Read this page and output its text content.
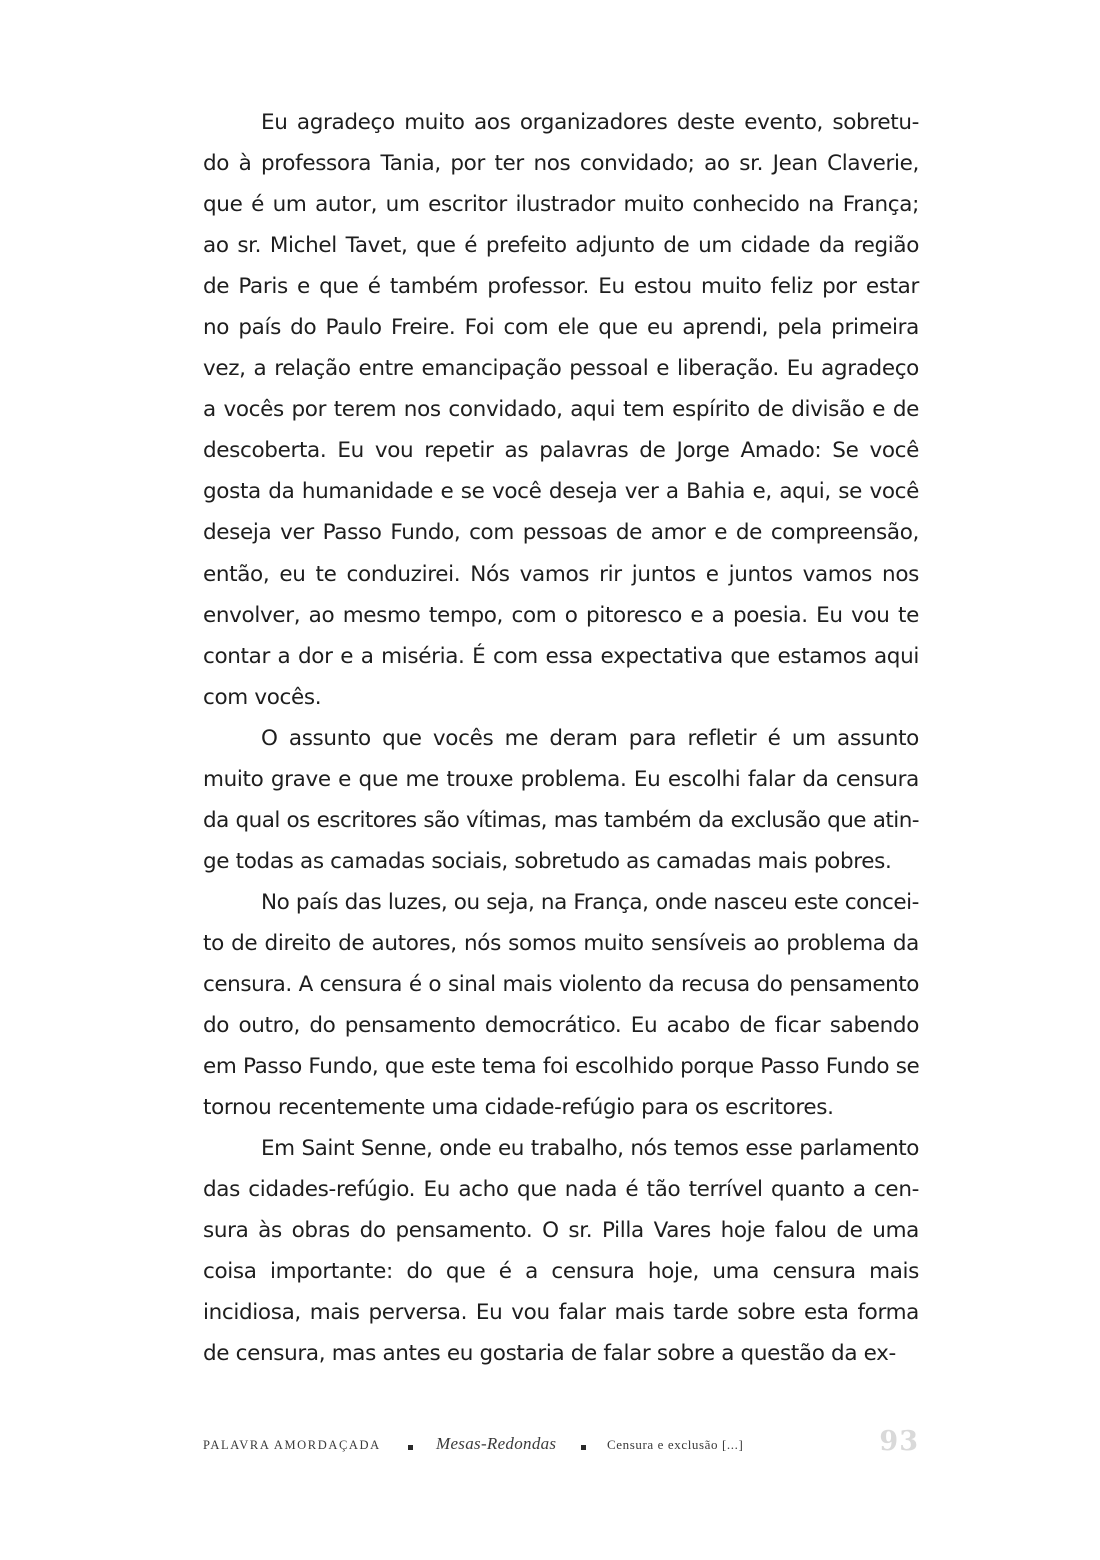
Eu agradeço muito aos organizadores deste evento, sobretu-
do à professora Tania, por ter nos convidado; ao sr. Jean Claverie,
que é um autor, um escritor ilustrador muito conhecido na França;
ao sr. Michel Tavet, que é prefeito adjunto de um cidade da região
de Paris e que é também professor. Eu estou muito feliz por estar
no país do Paulo Freire. Foi com ele que eu aprendi, pela primeira
vez, a relação entre emancipação pessoal e liberação. Eu agradeço
a vocês por terem nos convidado, aqui tem espírito de divisão e de
descoberta. Eu vou repetir as palavras de Jorge Amado: Se você
gosta da humanidade e se você deseja ver a Bahia e, aqui, se você
deseja ver Passo Fundo, com pessoas de amor e de compreensão,
então, eu te conduzirei. Nós vamos rir juntos e juntos vamos nos
envolver, ao mesmo tempo, com o pitoresco e a poesia. Eu vou te
contar a dor e a miséria. É com essa expectativa que estamos aqui
com vocês.
O assunto que vocês me deram para refletir é um assunto
muito grave e que me trouxe problema. Eu escolhi falar da censura
da qual os escritores são vítimas, mas também da exclusão que atin-
ge todas as camadas sociais, sobretudo as camadas mais pobres.
No país das luzes, ou seja, na França, onde nasceu este concei-
to de direito de autores, nós somos muito sensíveis ao problema da
censura. A censura é o sinal mais violento da recusa do pensamento
do outro, do pensamento democrático. Eu acabo de ficar sabendo
em Passo Fundo, que este tema foi escolhido porque Passo Fundo se
tornou recentemente uma cidade-refúgio para os escritores.
Em Saint Senne, onde eu trabalho, nós temos esse parlamento
das cidades-refúgio. Eu acho que nada é tão terrível quanto a cen-
sura às obras do pensamento. O sr. Pilla Vares hoje falou de uma
coisa importante: do que é a censura hoje, uma censura mais
incidiosa, mais perversa. Eu vou falar mais tarde sobre esta forma
de censura, mas antes eu gostaria de falar sobre a questão da ex-
PALAVRA AMORDAÇADA	Mesas-Redondas	Censura e exclusão [...]	93
